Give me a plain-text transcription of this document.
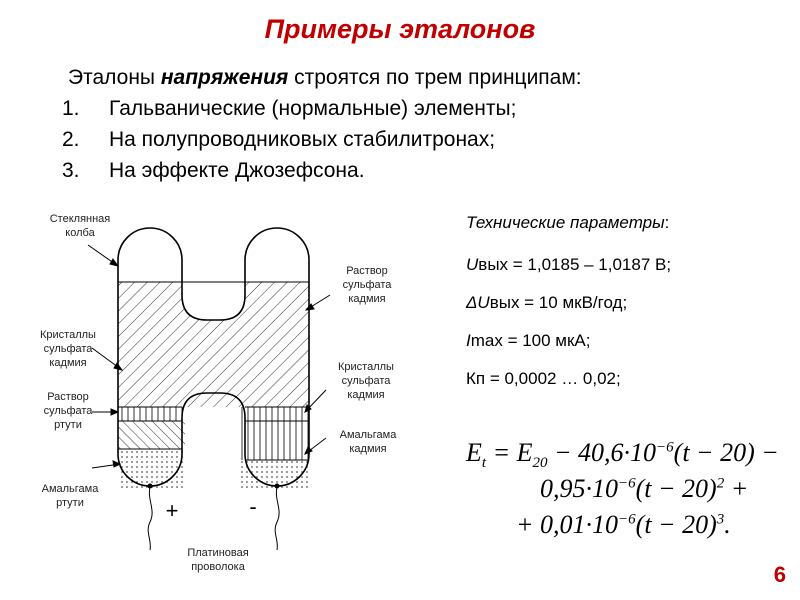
Примеры эталонов
Эталоны напряжения строятся по трем принципам:
1. Гальванические (нормальные) элементы;
2. На полупроводниковых стабилитронах;
3. На эффекте Джозефсона.
Стеклянная колба
Кристаллы сульфата кадмия
Раствор сульфата ртути
Амальгама ртути
Раствор сульфата кадмия
Кристаллы сульфата кадмия
Амальгама кадмия
Платиновая проволока
+	-
Технические параметры:
Uвых = 1,0185 – 1,0187 В;
ΔUвых = 10 мкВ/год;
Imax = 100 мкА;
Кп = 0,0002 … 0,02;
$E_t = E_{20} - 40,6\cdot 10^{-6}(t - 20)$ −
$0,95\cdot 10^{-6}(t - 20)^2$ +
+ $0,01\cdot 10^{-6}(t - 20)^3$.
6
